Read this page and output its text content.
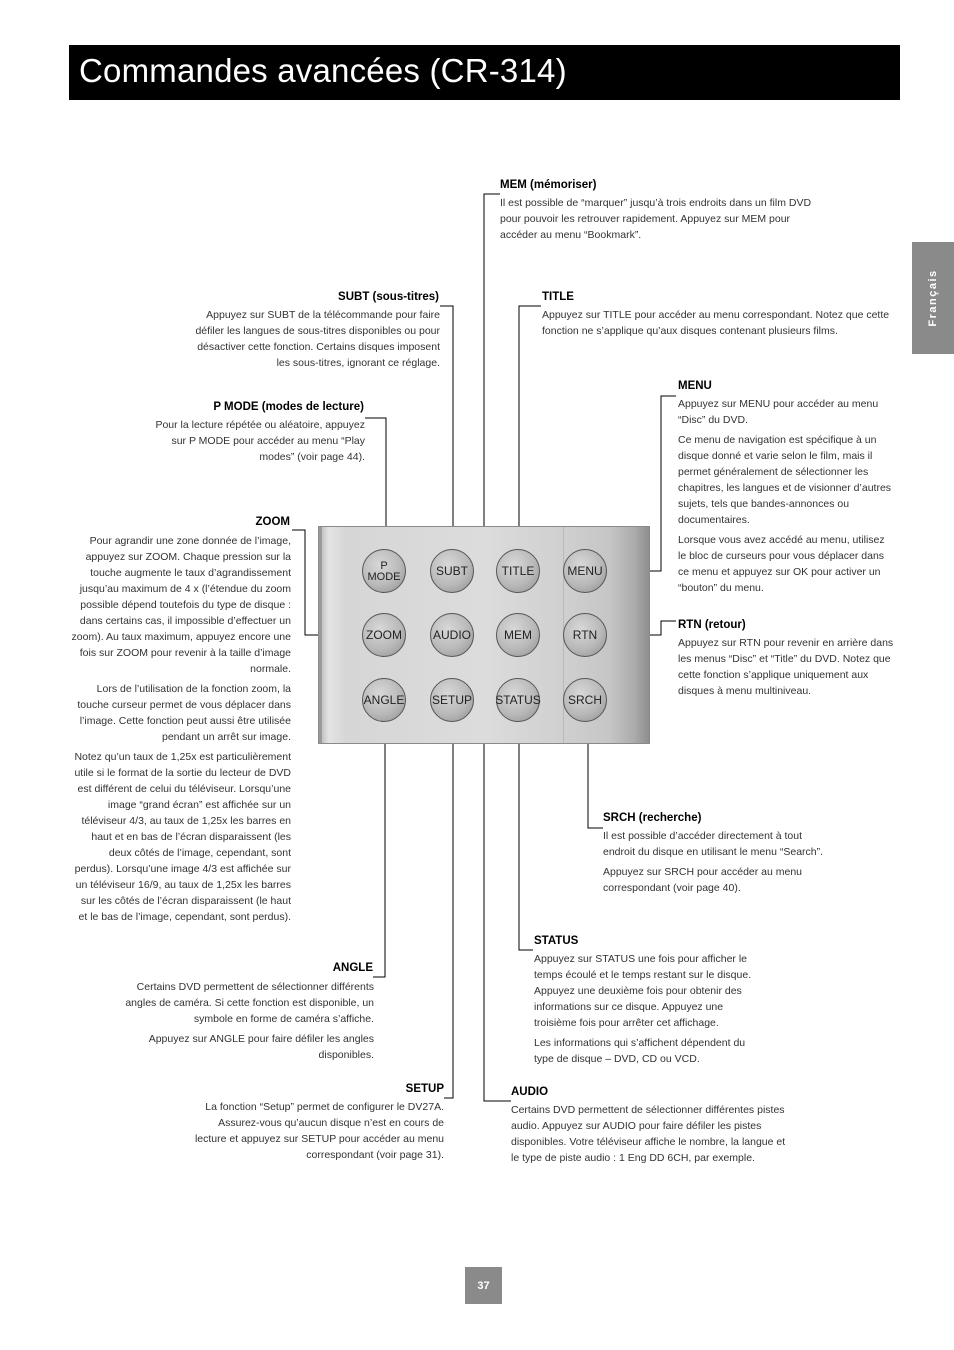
Commandes avancées (CR-314)
Français
P MODE	SUBT	TITLE	MENU
ZOOM	AUDIO	MEM	RTN
ANGLE SETUP STATUS	SRCH
MEM (mémoriser)

Il est possible de “marquer” jusqu’à trois endroits dans un film DVD pour pouvoir les retrouver rapidement. Appuyez sur MEM pour accéder au menu “Bookmark”.

SUBT (sous-titres)

Appuyez sur SUBT de la télécommande pour faire défiler les langues de sous-titres disponibles ou pour désactiver cette fonction. Certains disques imposent les sous-titres, ignorant ce réglage.

TITLE

Appuyez sur TITLE pour accéder au menu correspondant. Notez que cette fonction ne s’applique qu’aux disques contenant plusieurs films.

MENU

Appuyez sur MENU pour accéder au menu “Disc” du DVD.

Ce menu de navigation est spécifique à un disque donné et varie selon le film, mais il permet généralement de sélectionner les chapitres, les langues et de visionner d’autres sujets, tels que bandes-annonces ou documentaires.

Lorsque vous avez accédé au menu, utilisez le bloc de curseurs pour vous déplacer dans ce menu et appuyez sur OK pour activer un “bouton” du menu.

P MODE (modes de lecture)

Pour la lecture répétée ou aléatoire, appuyez sur P MODE pour accéder au menu “Play modes” (voir page 44).

ZOOM

Pour agrandir une zone donnée de l’image, appuyez sur ZOOM. Chaque pression sur la touche augmente le taux d’agrandissement jusqu’au maximum de 4 x (l’étendue du zoom possible dépend toutefois du type de disque : dans certains cas, il impossible d’effectuer un zoom). Au taux maximum, appuyez encore une fois sur ZOOM pour revenir à la taille d’image normale.

Lors de l’utilisation de la fonction zoom, la touche curseur permet de vous déplacer dans l’image. Cette fonction peut aussi être utilisée pendant un arrêt sur image.

Notez qu’un taux de 1,25x est particulièrement utile si le format de la sortie du lecteur de DVD est différent de celui du téléviseur. Lorsqu’une image “grand écran” est affichée sur un téléviseur 4/3, au taux de 1,25x les barres en haut et en bas de l’écran disparaissent (les deux côtés de l’image, cependant, sont perdus). Lorsqu’une image 4/3 est affichée sur un téléviseur 16/9, au taux de 1,25x les barres sur les côtés de l’écran disparaissent (le haut et le bas de l’image, cependant, sont perdus).

RTN (retour)

Appuyez sur RTN pour revenir en arrière dans les menus “Disc” et “Title” du DVD. Notez que cette fonction s’applique uniquement aux disques à menu multiniveau.

SRCH (recherche)

Il est possible d’accéder directement à tout endroit du disque en utilisant le menu “Search”.

Appuyez sur SRCH pour accéder au menu correspondant (voir page 40).

STATUS

Appuyez sur STATUS une fois pour afficher le temps écoulé et le temps restant sur le disque. Appuyez une deuxième fois pour obtenir des informations sur ce disque. Appuyez une troisième fois pour arrêter cet affichage.

Les informations qui s’affichent dépendent du type de disque – DVD, CD ou VCD.

ANGLE

Certains DVD permettent de sélectionner différents angles de caméra. Si cette fonction est disponible, un symbole en forme de caméra s’affiche.

Appuyez sur ANGLE pour faire défiler les angles disponibles.

SETUP

La fonction “Setup” permet de configurer le DV27A. Assurez-vous qu’aucun disque n’est en cours de lecture et appuyez sur SETUP pour accéder au menu correspondant (voir page 31).

AUDIO

Certains DVD permettent de sélectionner différentes pistes audio. Appuyez sur AUDIO pour faire défiler les pistes disponibles. Votre téléviseur affiche le nombre, la langue et le type de piste audio : 1 Eng DD 6CH, par exemple.

37
